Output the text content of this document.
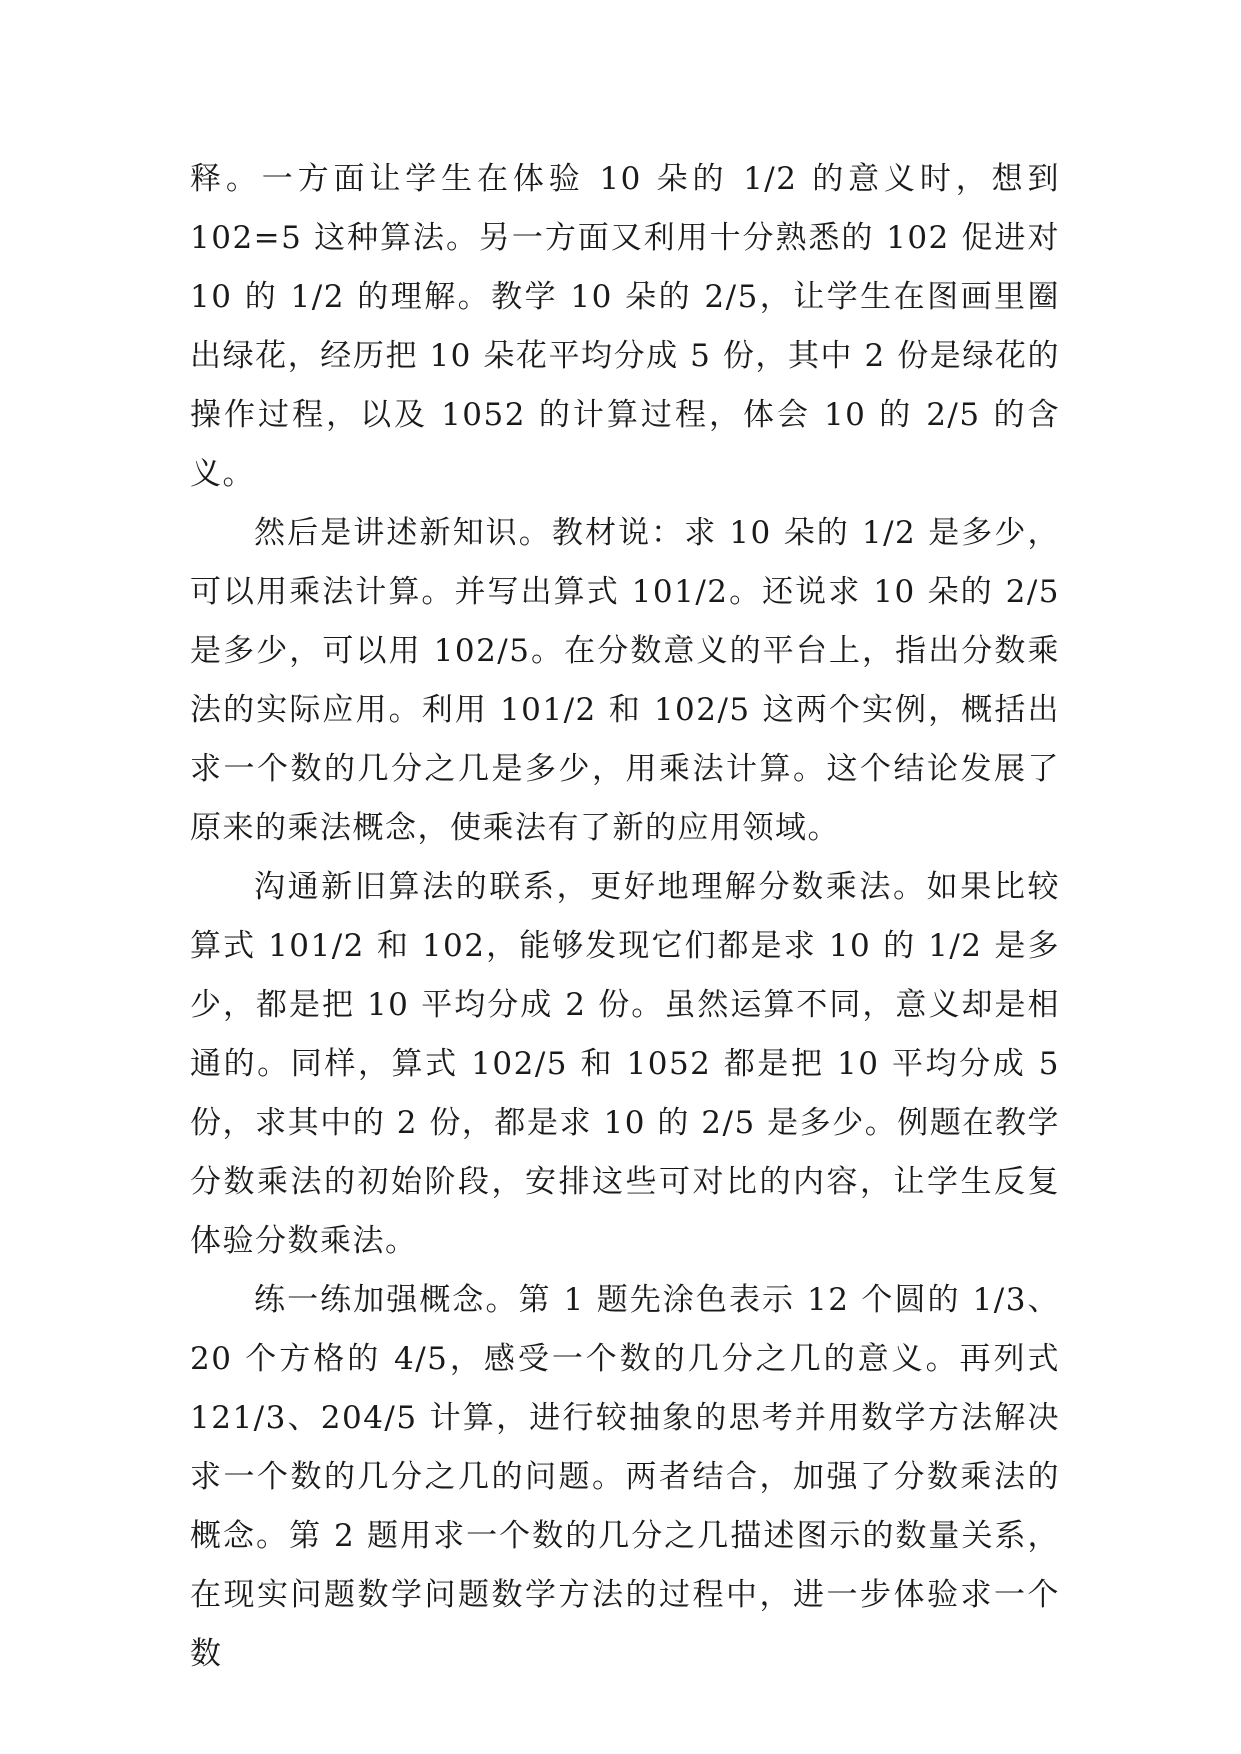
释。一方面让学生在体验 10 朵的 1/2 的意义时，想到 102=5 这种算法。另一方面又利用十分熟悉的 102 促进对 10 的 1/2 的理解。教学 10 朵的 2/5，让学生在图画里圈出绿花，经历把 10 朵花平均分成 5 份，其中 2 份是绿花的操作过程，以及 1052 的计算过程，体会 10 的 2/5 的含义。

然后是讲述新知识。教材说：求 10 朵的 1/2 是多少，可以用乘法计算。并写出算式 101/2。还说求 10 朵的 2/5 是多少，可以用 102/5。在分数意义的平台上，指出分数乘法的实际应用。利用 101/2 和 102/5 这两个实例，概括出求一个数的几分之几是多少，用乘法计算。这个结论发展了原来的乘法概念，使乘法有了新的应用领域。

沟通新旧算法的联系，更好地理解分数乘法。如果比较算式 101/2 和 102，能够发现它们都是求 10 的 1/2 是多少，都是把 10 平均分成 2 份。虽然运算不同，意义却是相通的。同样，算式 102/5 和 1052 都是把 10 平均分成 5 份，求其中的 2 份，都是求 10 的 2/5 是多少。例题在教学分数乘法的初始阶段，安排这些可对比的内容，让学生反复体验分数乘法。

练一练加强概念。第 1 题先涂色表示 12 个圆的 1/3、20 个方格的 4/5，感受一个数的几分之几的意义。再列式 121/3、204/5 计算，进行较抽象的思考并用数学方法解决求一个数的几分之几的问题。两者结合，加强了分数乘法的概念。第 2 题用求一个数的几分之几描述图示的数量关系，在现实问题数学问题数学方法的过程中，进一步体验求一个数
